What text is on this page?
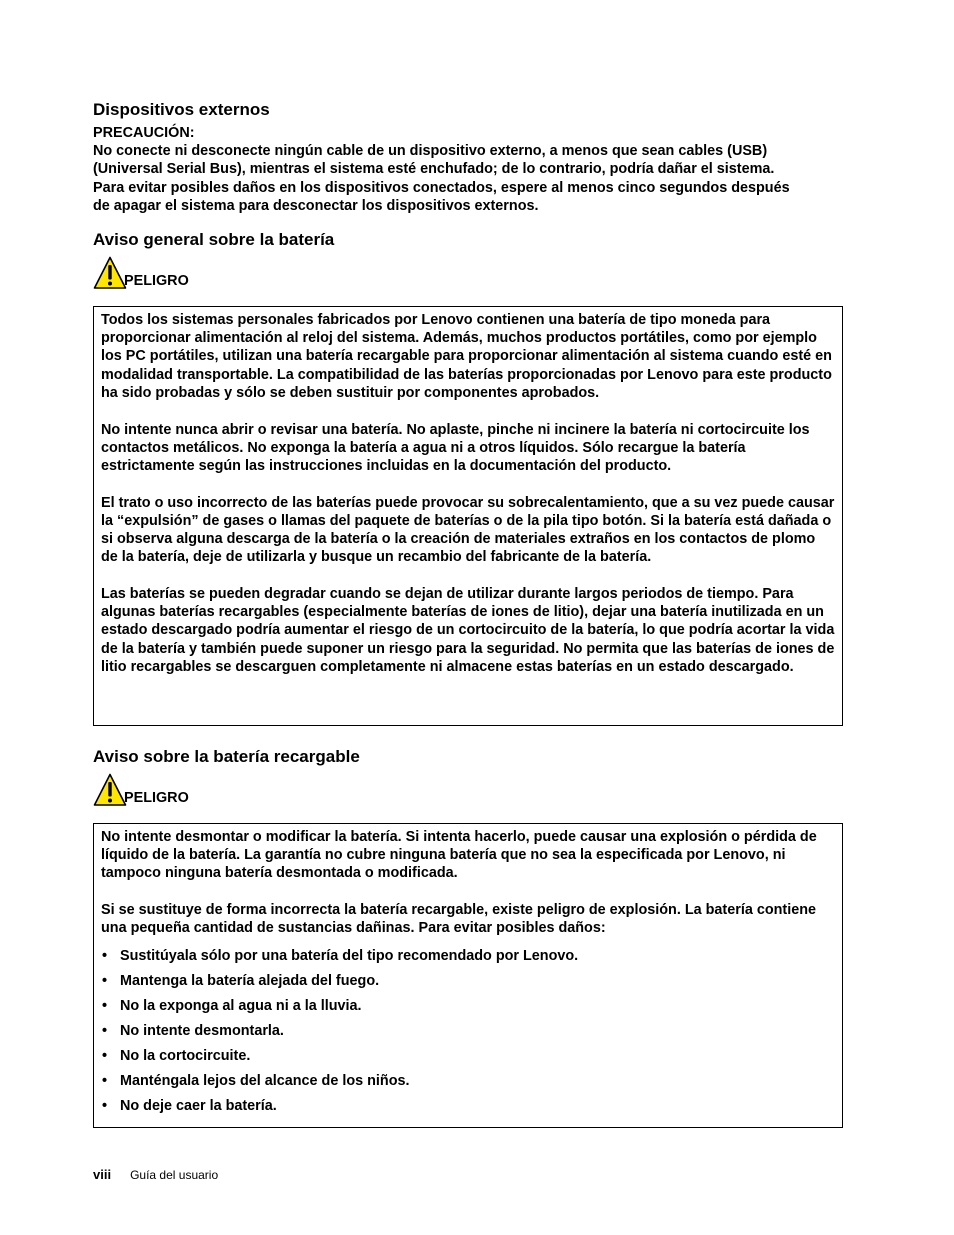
Dispositivos externos

PRECAUCIÓN:

No conecte ni desconecte ningún cable de un dispositivo externo, a menos que sean cables (USB)

(Universal Serial Bus), mientras el sistema esté enchufado; de lo contrario, podría dañar el sistema.

Para evitar posibles daños en los dispositivos conectados, espere al menos cinco segundos después

de apagar el sistema para desconectar los dispositivos externos.

Aviso general sobre la batería
PELIGRO

Todos los sistemas personales fabricados por Lenovo contienen una batería de tipo moneda para proporcionar alimentación al reloj del sistema. Además, muchos productos portátiles, como por ejemplo los PC portátiles, utilizan una batería recargable para proporcionar alimentación al sistema cuando esté en modalidad transportable. La compatibilidad de las baterías proporcionadas por Lenovo para este producto ha sido probadas y sólo se deben sustituir por componentes aprobados.

No intente nunca abrir o revisar una batería. No aplaste, pinche ni incinere la batería ni cortocircuite los contactos metálicos. No exponga la batería a agua ni a otros líquidos. Sólo recargue la batería estrictamente según las instrucciones incluidas en la documentación del producto.

El trato o uso incorrecto de las baterías puede provocar su sobrecalentamiento, que a su vez puede causar la “expulsión” de gases o llamas del paquete de baterías o de la pila tipo botón. Si la batería está dañada o si observa alguna descarga de la batería o la creación de materiales extraños en los contactos de plomo de la batería, deje de utilizarla y busque un recambio del fabricante de la batería.

Las baterías se pueden degradar cuando se dejan de utilizar durante largos periodos de tiempo. Para algunas baterías recargables (especialmente baterías de iones de litio), dejar una batería inutilizada en un estado descargado podría aumentar el riesgo de un cortocircuito de la batería, lo que podría acortar la vida de la batería y también puede suponer un riesgo para la seguridad. No permita que las baterías de iones de litio recargables se descarguen completamente ni almacene estas baterías en un estado descargado.

Aviso sobre la batería recargable
PELIGRO

No intente desmontar o modificar la batería. Si intenta hacerlo, puede causar una explosión o pérdida de líquido de la batería. La garantía no cubre ninguna batería que no sea la especificada por Lenovo, ni tampoco ninguna batería desmontada o modificada.

Si se sustituye de forma incorrecta la batería recargable, existe peligro de explosión. La batería contiene una pequeña cantidad de sustancias dañinas. Para evitar posibles daños:

• Sustitúyala sólo por una batería del tipo recomendado por Lenovo.
• Mantenga la batería alejada del fuego.
• No la exponga al agua ni a la lluvia.
• No intente desmontarla.
• No la cortocircuite.
• Manténgala lejos del alcance de los niños.
• No deje caer la batería.
viii Guía del usuario
